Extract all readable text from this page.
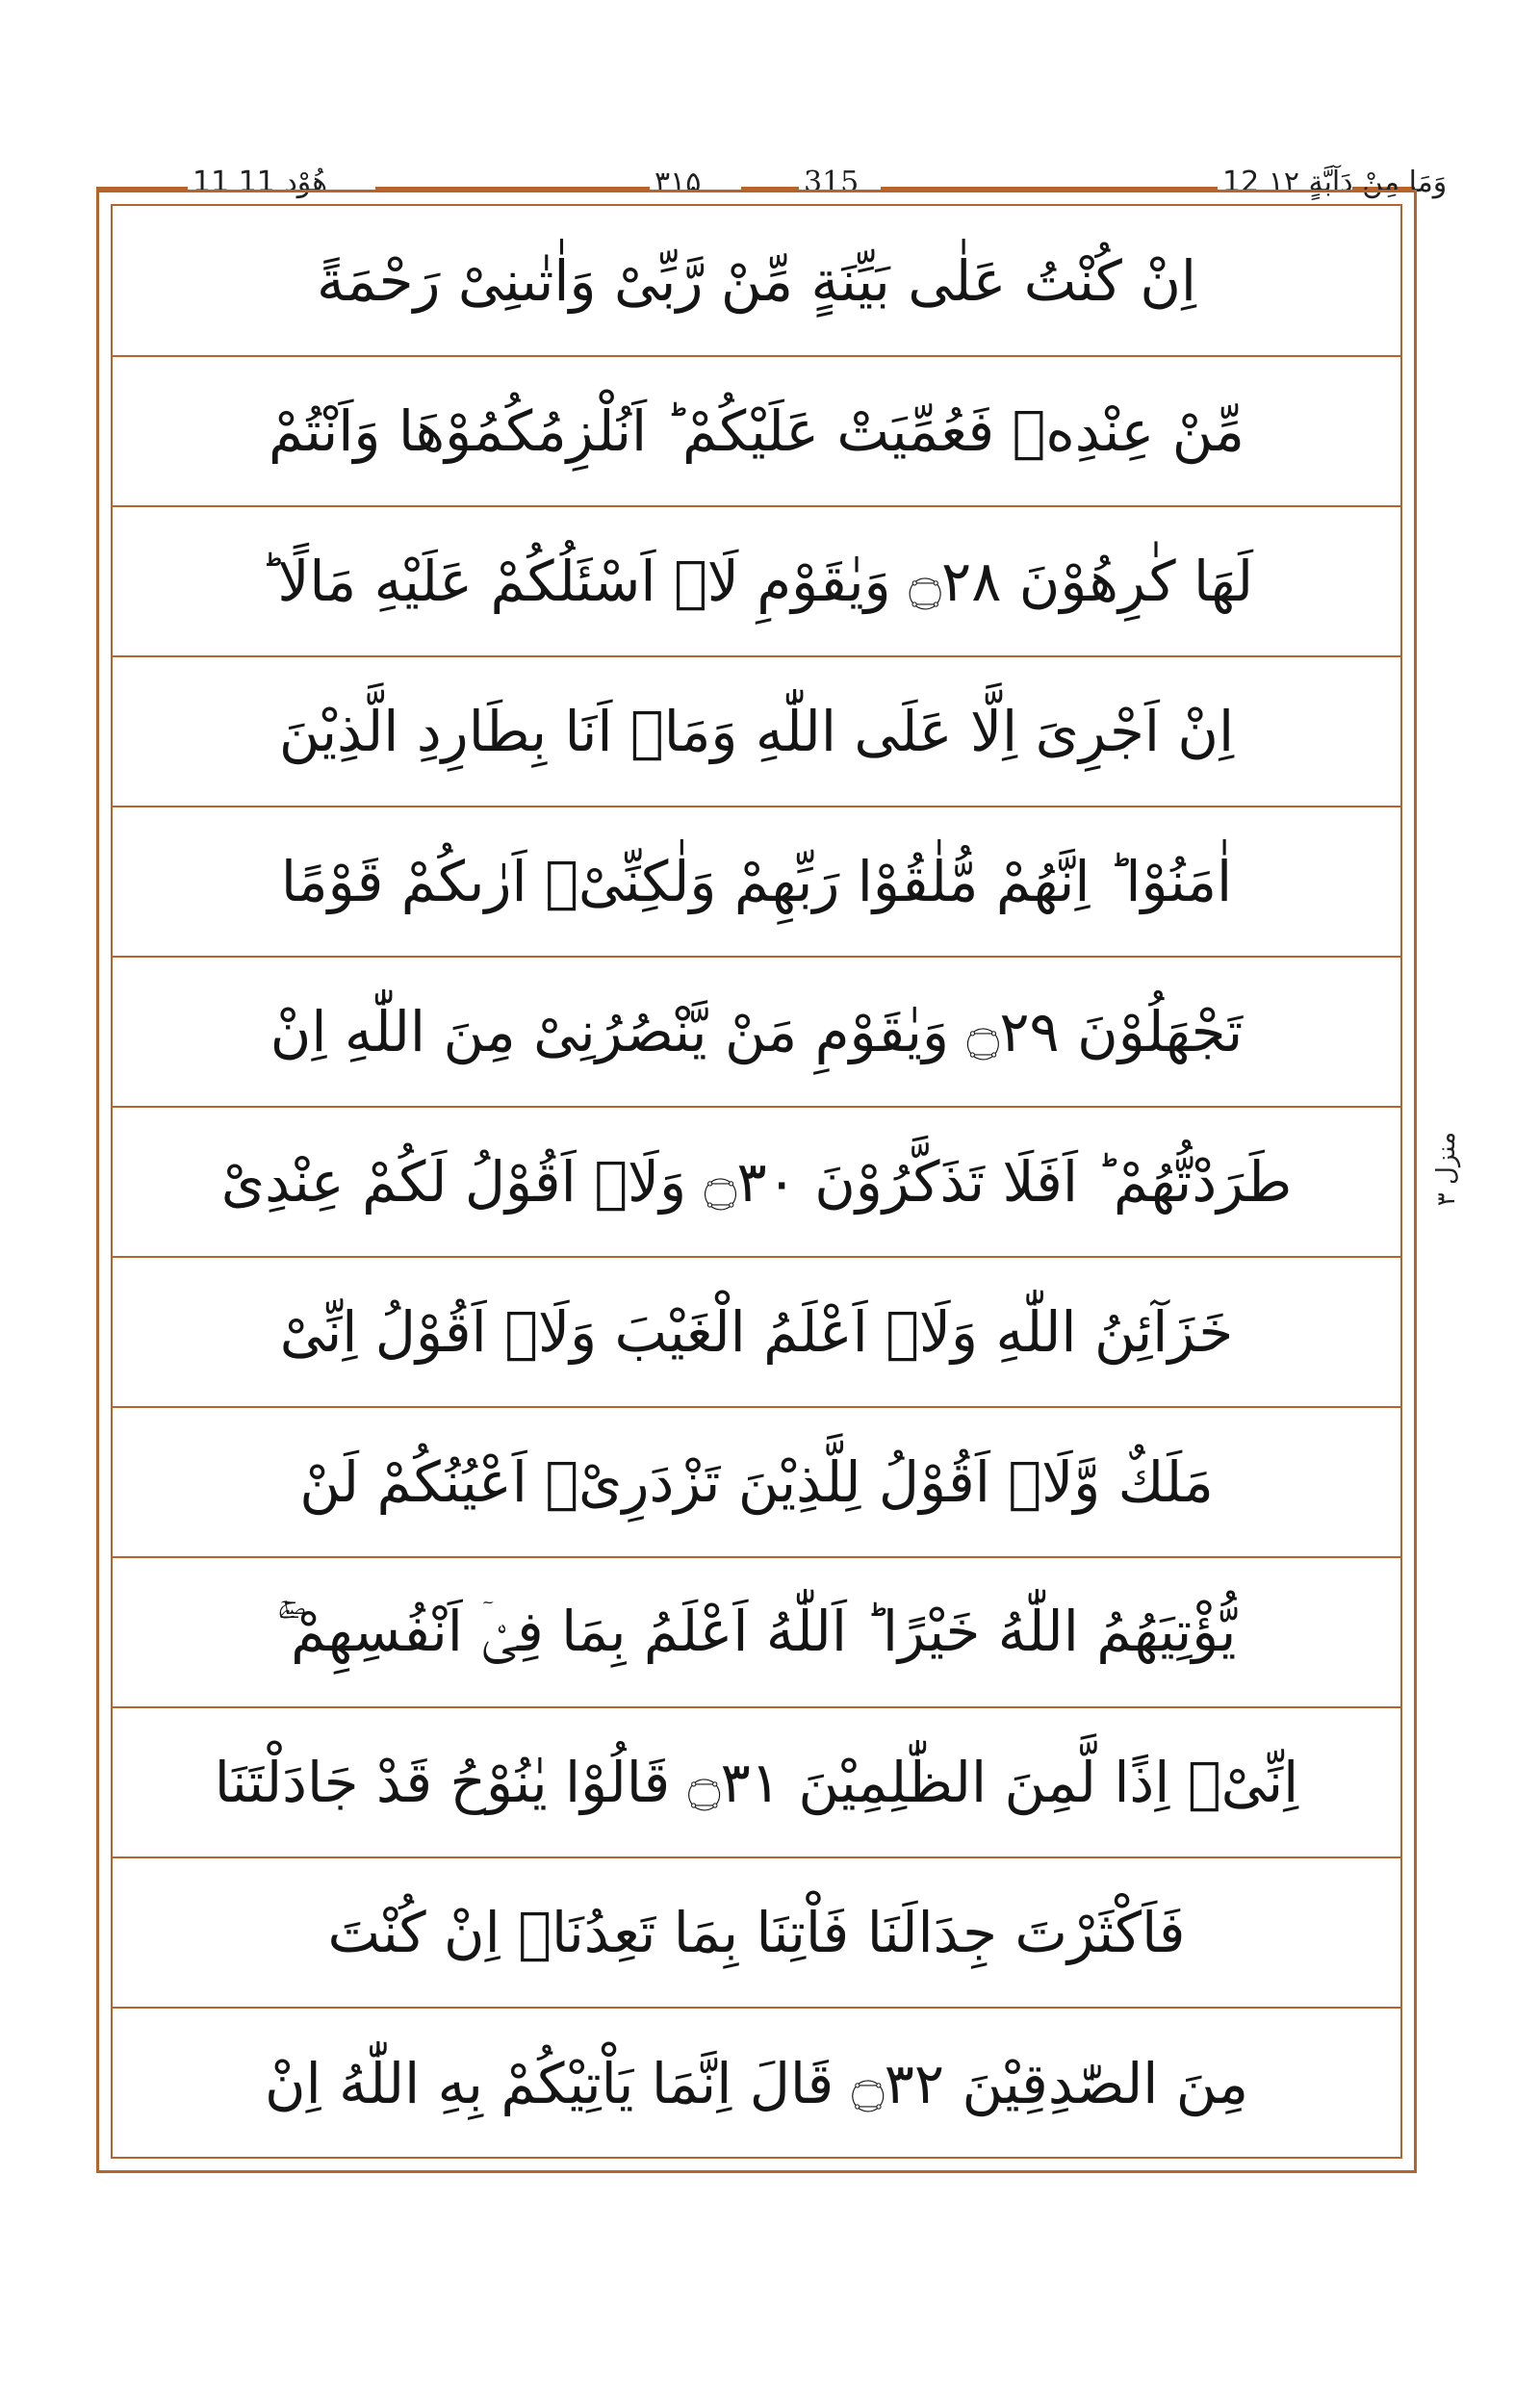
11 هُوْد 11	۳۱۵	315	12 وَمَا مِنْ دَآبَّةٍ ۱۲
اِنْ كُنْتُ عَلٰى بَيِّنَةٍ مِّنْ رَّبِّىْ وَاٰتٰىنِىْ رَحْمَةً
مِّنْ عِنْدِهٖ فَعُمِّيَتْ عَلَيْكُمْ ؕ اَنُلْزِمُكُمُوْهَا وَاَنْتُمْ
لَهَا كٰرِهُوْنَ ۝۲۸ وَيٰقَوْمِ لَاۤ اَسْئَلُكُمْ عَلَيْهِ مَالًا ؕ
اِنْ اَجْرِىَ اِلَّا عَلَى اللّٰهِ وَمَاۤ اَنَا بِطَارِدِ الَّذِيْنَ
اٰمَنُوْا ؕ اِنَّهُمْ مُّلٰقُوْا رَبِّهِمْ وَلٰكِنِّىْۤ اَرٰىكُمْ قَوْمًا
تَجْهَلُوْنَ ۝۲۹ وَيٰقَوْمِ مَنْ يَّنْصُرُنِىْ مِنَ اللّٰهِ اِنْ
طَرَدْتُّهُمْ ؕ اَفَلَا تَذَكَّرُوْنَ ۝۳۰ وَلَاۤ اَقُوْلُ لَكُمْ عِنْدِىْ
خَزَآئِنُ اللّٰهِ وَلَاۤ اَعْلَمُ الْغَيْبَ وَلَاۤ اَقُوْلُ اِنِّىْ
مَلَكٌ وَّلَاۤ اَقُوْلُ لِلَّذِيْنَ تَزْدَرِىْۤ اَعْيُنُكُمْ لَنْ
يُّؤْتِيَهُمُ اللّٰهُ خَيْرًا ؕ اَللّٰهُ اَعْلَمُ بِمَا فِىْۤ اَنْفُسِهِمْ ۚۖ
اِنِّىْۤ اِذًا لَّمِنَ الظّٰلِمِيْنَ ۝۳۱ قَالُوْا يٰنُوْحُ قَدْ جَادَلْتَنَا
فَاَكْثَرْتَ جِدَالَنَا فَاْتِنَا بِمَا تَعِدُنَاۤ اِنْ كُنْتَ
مِنَ الصّٰدِقِيْنَ ۝۳۲ قَالَ اِنَّمَا يَاْتِيْكُمْ بِهِ اللّٰهُ اِنْ
منزل ۳
